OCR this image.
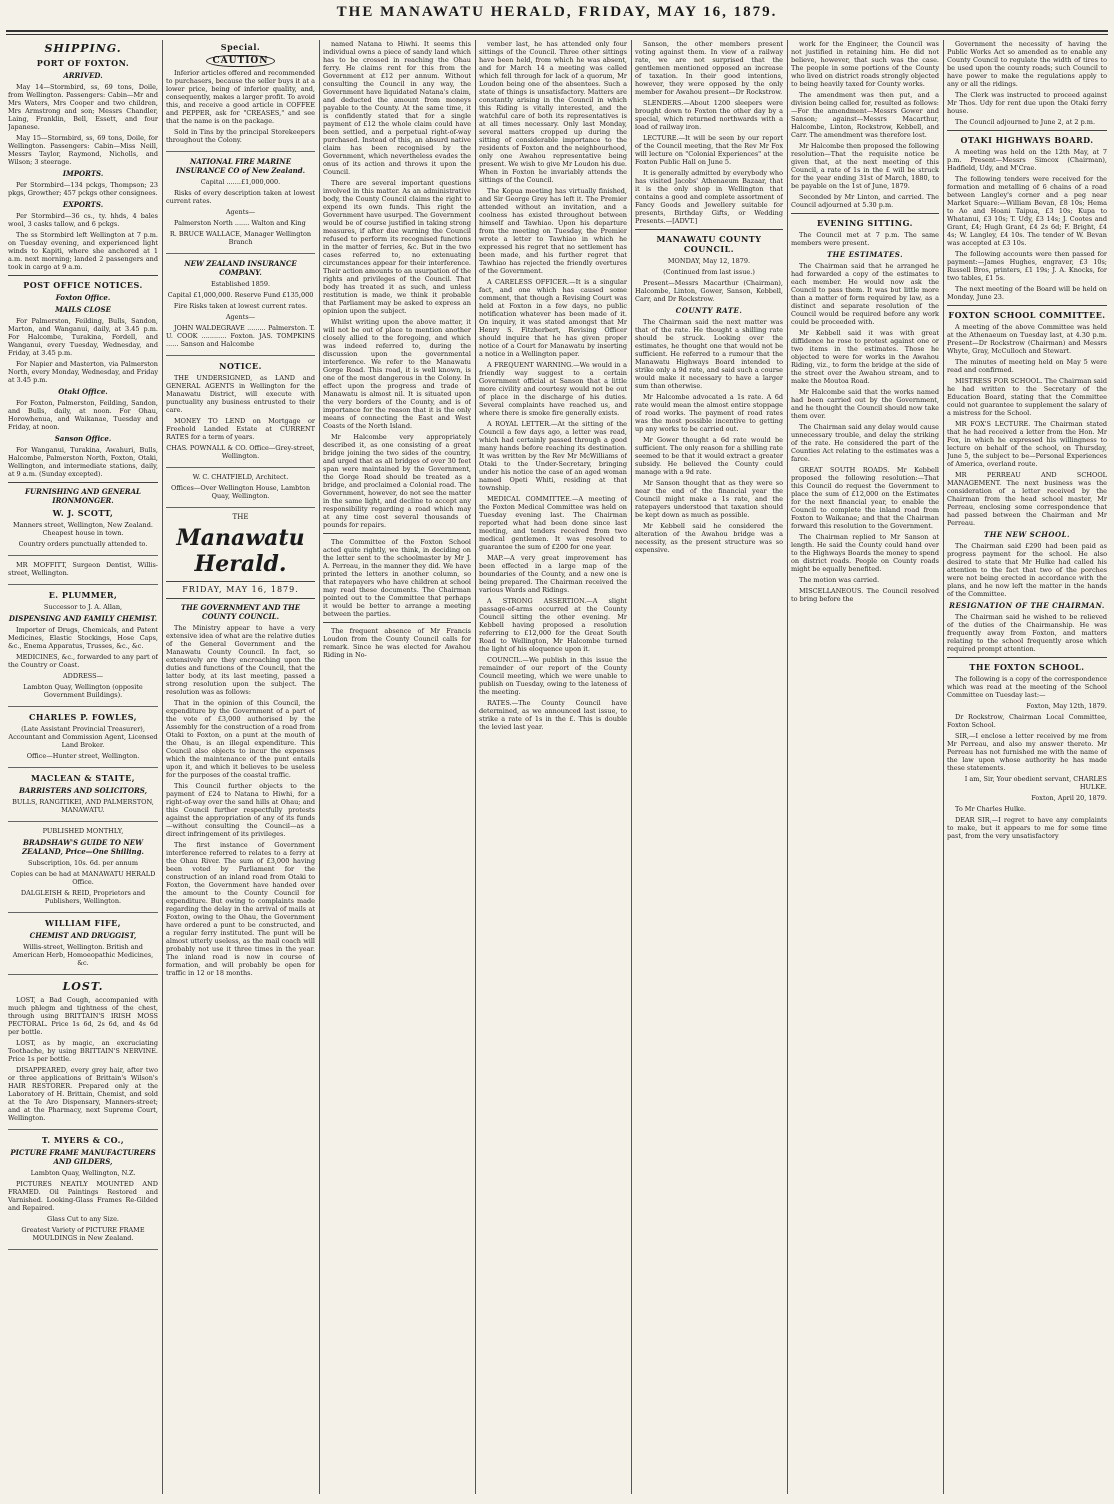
THE MANAWATU HERALD, FRIDAY, MAY 16, 1879.
SHIPPING.
PORT OF FOXTON.
ARRIVED.

May 14—Stormbird, ss, 69 tons, Doile, from Wellington. Passengers: Cabin—Mr and Mrs Waters, Mrs Cooper and two children, Mrs Armstrong and son; Messrs Chandler, Laing, Franklin, Bell, Essett, and four Japanese.

May 15—Stormbird, ss, 69 tons, Doile, for Wellington. Passengers: Cabin—Miss Neill, Messrs Taylor, Raymond, Nicholls, and Wilson; 3 steerage.

IMPORTS.

Per Stormbird—134 pckgs, Thompson; 23 pkgs, Growther; 457 pckgs other consignees.

EXPORTS.

Per Stormbird—36 cs., ty. hhds, 4 bales wool, 3 casks tallow, and 6 pckgs.

The ss Stormbird left Wellington at 7 p.m. on Tuesday evening, and experienced light winds to Kapiti, where she anchored at 1 a.m. next morning; landed 2 passengers and took in cargo at 9 a.m.

POST OFFICE NOTICES.
Foxton Office.
MAILS CLOSE

For Palmerston, Feilding, Bulls, Sandon, Marton, and Wanganui, daily, at 3.45 p.m. For Halcombe, Turakina, Fordell, and Wanganui, every Tuesday, Wednesday, and Friday, at 3.45 p.m.

For Napier and Masterton, via Palmerston North, every Monday, Wednesday, and Friday at 3.45 p.m.

Otaki Office.

For Foxton, Palmerston, Feilding, Sandon, and Bulls, daily, at noon. For Ohau, Horowhenua, and Waikanae, Tuesday and Friday, at noon.

Sanson Office.

For Wanganui, Turakina, Awahuri, Bulls, Halcombe, Palmerston North, Foxton, Otaki, Wellington, and intermediate stations, daily, at 9 a.m. (Sunday excepted).

FURNISHING AND GENERAL IRONMONGER.
W. J. SCOTT,

Manners street, Wellington, New Zealand. Cheapest house in town.

Country orders punctually attended to.

MR MOFFITT, Surgeon Dentist, Willis-street, Wellington.

E. PLUMMER,

Successor to J. A. Allan,

DISPENSING AND FAMILY CHEMIST.

Importer of Drugs, Chemicals, and Patent Medicines, Elastic Stockings, Hose Caps, &c., Enema Apparatus, Trusses, &c., &c.

MEDICINES, &c., forwarded to any part of the Country or Coast.

ADDRESS—

Lambton Quay, Wellington (opposite Government Buildings).

CHARLES P. FOWLES,

(Late Assistant Provincial Treasurer), Accountant and Commission Agent, Licensed Land Broker.

Office—Hunter street, Wellington.

MACLEAN & STAITE,
BARRISTERS AND SOLICITORS,

BULLS, RANGITIKEI, AND PALMERSTON, MANAWATU.

PUBLISHED MONTHLY,

BRADSHAW'S GUIDE TO NEW ZEALAND, Price—One Shilling.

Subscription, 10s. 6d. per annum

Copies can be had at MANAWATU HERALD Office.

DALGLEISH & REID, Proprietors and Publishers, Wellington.

WILLIAM FIFE,
CHEMIST AND DRUGGIST,

Willis-street, Wellington. British and American Herb, Homoeopathic Medicines, &c.

LOST.

LOST, a Bad Cough, accompanied with much phlegm and tightness of the chest, through using BRITTAIN'S IRISH MOSS PECTORAL. Price 1s 6d, 2s 6d, and 4s 6d per bottle.

LOST, as by magic, an excruciating Toothache, by using BRITTAIN'S NERVINE. Price 1s per bottle.

DISAPPEARED, every grey hair, after two or three applications of Brittain's Wilson's HAIR RESTORER. Prepared only at the Laboratory of H. Brittain, Chemist, and sold at the Te Aro Dispensary, Manners-street; and at the Pharmacy, next Supreme Court, Wellington.

T. MYERS & CO.,
PICTURE FRAME MANUFACTURERS AND GILDERS,

Lambton Quay, Wellington, N.Z.

PICTURES NEATLY MOUNTED AND FRAMED. Oil Paintings Restored and Varnished. Looking-Glass Frames Re-Gilded and Repaired.

Glass Cut to any Size.

Greatest Variety of PICTURE FRAME MOULDINGS in New Zealand.

Special.
CAUTION

Inferior articles offered and recommended to purchasers, because the seller buys it at a lower price, being of inferior quality, and, consequently, makes a larger profit. To avoid this, and receive a good article in COFFEE and PEPPER, ask for "CREASES," and see that the name is on the package.

Sold in Tins by the principal Storekeepers throughout the Colony.

NATIONAL FIRE MARINE INSURANCE CO of New Zealand.

Capital .......£1,000,000.

Risks of every description taken at lowest current rates.

Agents—

Palmerston North ....... Walton and King

R. BRUCE WALLACE, Manager Wellington Branch

NEW ZEALAND INSURANCE COMPANY.

Established 1859.

Capital £1,000,000. Reserve Fund £135,000

Fire Risks taken at lowest current rates.

Agents—

JOHN WALDEGRAVE ......... Palmerston. T. U. COOK ............ Foxton. JAS. TOMPKINS ...... Sanson and Halcombe

NOTICE.

THE UNDERSIGNED, as LAND and GENERAL AGENTS in Wellington for the Manawatu District, will execute with punctuality any business entrusted to their care.

MONEY TO LEND on Mortgage or Freehold Landed Estate at CURRENT RATES for a term of years.

CHAS. POWNALL & CO. Office—Grey-street, Wellington.

W. C. CHATFIELD, Architect.

Offices—Over Wellington House, Lambton Quay, Wellington.

THE
Manawatu Herald.
FRIDAY, MAY 16, 1879.
THE GOVERNMENT AND THE COUNTY COUNCIL.

The Ministry appear to have a very extensive idea of what are the relative duties of the General Government and the Manawatu County Council. In fact, so extensively are they encroaching upon the duties and functions of the Council, that the latter body, at its last meeting, passed a strong resolution upon the subject. The resolution was as follows:

That in the opinion of this Council, the expenditure by the Government of a part of the vote of £3,000 authorised by the Assembly for the construction of a road from Otaki to Foxton, on a punt at the mouth of the Ohau, is an illegal expenditure. This Council also objects to incur the expenses which the maintenance of the punt entails upon it, and which it believes to be useless for the purposes of the coastal traffic.

This Council further objects to the payment of £24 to Natana to Hiwhi, for a right-of-way over the sand hills at Ohau; and this Council further respectfully protests against the appropriation of any of its funds—without consulting the Council—as a direct infringement of its privileges.

The first instance of Government interference referred to relates to a ferry at the Ohau River. The sum of £3,000 having been voted by Parliament for the construction of an inland road from Otaki to Foxton, the Government have handed over the amount to the County Council for expenditure. But owing to complaints made regarding the delay in the arrival of mails at Foxton, owing to the Ohau, the Government have ordered a punt to be constructed, and a regular ferry instituted. The punt will be almost utterly useless, as the mail coach will probably not use it three times in the year. The inland road is now in course of formation, and will probably be open for traffic in 12 or 18 months.

named Natana to Hiwhi. It seems this individual owns a piece of sandy land which has to be crossed in reaching the Ohau ferry. He claims rent for this from the Government at £12 per annum. Without consulting the Council in any way, the Government have liquidated Natana's claim, and deducted the amount from moneys payable to the County. At the same time, it is confidently stated that for a single payment of £12 the whole claim could have been settled, and a perpetual right-of-way purchased. Instead of this, an absurd native claim has been recognised by the Government, which nevertheless evades the onus of its action and throws it upon the Council.

There are several important questions involved in this matter. As an administrative body, the County Council claims the right to expend its own funds. This right the Government have usurped. The Government would be of course justified in taking strong measures, if after due warning the Council refused to perform its recognised functions in the matter of ferries, &c. But in the two cases referred to, no extenuating circumstances appear for their interference. Their action amounts to an usurpation of the rights and privileges of the Council. That body has treated it as such, and unless restitution is made, we think it probable that Parliament may be asked to express an opinion upon the subject.

Whilst writing upon the above matter, it will not be out of place to mention another closely allied to the foregoing, and which was indeed referred to, during the discussion upon the governmental interference. We refer to the Manawatu Gorge Road. This road, it is well known, is one of the most dangerous in the Colony. In effect upon the progress and trade of Manawatu is almost nil. It is situated upon the very borders of the County, and is of importance for the reason that it is the only means of connecting the East and West Coasts of the North Island.

Mr Halcombe very appropriately described it, as one consisting of a great bridge joining the two sides of the country, and urged that as all bridges of over 30 feet span were maintained by the Government, the Gorge Road should be treated as a bridge, and proclaimed a Colonial road. The Government, however, do not see the matter in the same light, and decline to accept any responsibility regarding a road which may at any time cost several thousands of pounds for repairs.

The Committee of the Foxton School acted quite rightly, we think, in deciding on the letter sent to the schoolmaster by Mr J. A. Perreau, in the manner they did. We have printed the letters in another column, so that ratepayers who have children at school may read these documents. The Chairman pointed out to the Committee that perhaps it would be better to arrange a meeting between the parties.

The frequent absence of Mr Francis Loudon from the County Council calls for remark. Since he was elected for Awahou Riding in No-

vember last, he has attended only four sittings of the Council. Three other sittings have been held, from which he was absent, and for March 14 a meeting was called which fell through for lack of a quorum, Mr Loudon being one of the absentees. Such a state of things is unsatisfactory. Matters are constantly arising in the Council in which this Riding is vitally interested, and the watchful care of both its representatives is at all times necessary. Only last Monday, several matters cropped up during the sitting of considerable importance to the residents of Foxton and the neighbourhood, only one Awahou representative being present. We wish to give Mr Loudon his due. When in Foxton he invariably attends the sittings of the Council.

The Kopua meeting has virtually finished, and Sir George Grey has left it. The Premier attended without an invitation, and a coolness has existed throughout between himself and Tawhiao. Upon his departure from the meeting on Tuesday, the Premier wrote a letter to Tawhiao in which he expressed his regret that no settlement has been made, and his further regret that Tawhiao has rejected the friendly overtures of the Government.

A CARELESS OFFICER.—It is a singular fact, and one which has caused some comment, that though a Revising Court was held at Foxton in a few days, no public notification whatever has been made of it. On inquiry, it was stated amongst that Mr Henry S. Fitzherbert, Revising Officer should inquire that he has given proper notice of a Court for Manawatu by inserting a notice in a Wellington paper.

A FREQUENT WARNING.—We would in a friendly way suggest to a certain Government official at Sanson that a little more civility and courtesy would not be out of place in the discharge of his duties. Several complaints have reached us, and where there is smoke fire generally exists.

A ROYAL LETTER.—At the sitting of the Council a few days ago, a letter was read, which had certainly passed through a good many hands before reaching its destination. It was written by the Rev Mr McWilliams of Otaki to the Under-Secretary, bringing under his notice the case of an aged woman named Opeti Whiti, residing at that township.

MEDICAL COMMITTEE.—A meeting of the Foxton Medical Committee was held on Tuesday evening last. The Chairman reported what had been done since last meeting, and tenders received from two medical gentlemen. It was resolved to guarantee the sum of £200 for one year.

MAP.—A very great improvement has been effected in a large map of the boundaries of the County, and a new one is being prepared. The Chairman received the various Wards and Ridings.

A STRONG ASSERTION.—A slight passage-of-arms occurred at the County Council sitting the other evening. Mr Kebbell having proposed a resolution referring to £12,000 for the Great South Road to Wellington, Mr Halcombe turned the light of his eloquence upon it.

COUNCIL.—We publish in this issue the remainder of our report of the County Council meeting, which we were unable to publish on Tuesday, owing to the lateness of the meeting.

RATES.—The County Council have determined, as we announced last issue, to strike a rate of 1s in the £. This is double the levied last year.

Sanson, the other members present voting against them. In view of a railway rate, we are not surprised that the gentlemen mentioned opposed an increase of taxation. In their good intentions, however, they were opposed by the only member for Awahou present—Dr Rockstrow.

SLENDERS.—About 1200 sleepers were brought down to Foxton the other day by a special, which returned northwards with a load of railway iron.

LECTURE.—It will be seen by our report of the Council meeting, that the Rev Mr Fox will lecture on "Colonial Experiences" at the Foxton Public Hall on June 5.

It is generally admitted by everybody who has visited Jacobs' Athenaeum Bazaar, that it is the only shop in Wellington that contains a good and complete assortment of Fancy Goods and Jewellery suitable for presents, Birthday Gifts, or Wedding Presents.—[ADVT.]

MANAWATU COUNTY COUNCIL.

MONDAY, May 12, 1879.

(Continued from last issue.)

Present—Messrs Macarthur (Chairman), Halcombe, Linton, Gower, Sanson, Kebbell, Carr, and Dr Rockstrow.

COUNTY RATE.

The Chairman said the next matter was that of the rate. He thought a shilling rate should be struck. Looking over the estimates, he thought one that would not be sufficient. He referred to a rumour that the Manawatu Highways Board intended to strike only a 9d rate, and said such a course would make it necessary to have a larger sum than otherwise.

Mr Halcombe advocated a 1s rate. A 6d rate would mean the almost entire stoppage of road works. The payment of road rates was the most possible incentive to getting up any works to be carried out.

Mr Gower thought a 6d rate would be sufficient. The only reason for a shilling rate seemed to be that it would extract a greater subsidy. He believed the County could manage with a 9d rate.

Mr Sanson thought that as they were so near the end of the financial year the Council might make a 1s rate, and the ratepayers understood that taxation should be kept down as much as possible.

Mr Kebbell said he considered the alteration of the Awahou bridge was a necessity, as the present structure was so expensive.

work for the Engineer, the Council was not justified in retaining him. He did not believe, however, that such was the case. The people in some portions of the County who lived on district roads strongly objected to being heavily taxed for County works.

The amendment was then put, and a division being called for, resulted as follows:—For the amendment—Messrs Gower and Sanson; against—Messrs Macarthur, Halcombe, Linton, Rockstrow, Kebbell, and Carr. The amendment was therefore lost.

Mr Halcombe then proposed the following resolution—That the requisite notice be given that, at the next meeting of this Council, a rate of 1s in the £ will be struck for the year ending 31st of March, 1880, to be payable on the 1st of June, 1879.

Seconded by Mr Linton, and carried. The Council adjourned at 5.30 p.m.

EVENING SITTING.

The Council met at 7 p.m. The same members were present.

THE ESTIMATES.

The Chairman said that he arranged he had forwarded a copy of the estimates to each member. He would now ask the Council to pass them. It was but little more than a matter of form required by law, as a distinct and separate resolution of the Council would be required before any work could be proceeded with.

Mr Kebbell said it was with great diffidence he rose to protest against one or two items in the estimates. Those he objected to were for works in the Awahou Riding, viz., to form the bridge at the side of the street over the Awahou stream, and to make the Moutoa Road.

Mr Halcombe said that the works named had been carried out by the Government, and he thought the Council should now take them over.

The Chairman said any delay would cause unnecessary trouble, and delay the striking of the rate. He considered the part of the Counties Act relating to the estimates was a farce.

GREAT SOUTH ROADS. Mr Kebbell proposed the following resolution:—That this Council do request the Government to place the sum of £12,000 on the Estimates for the next financial year, to enable the Council to complete the inland road from Foxton to Waikanae; and that the Chairman forward this resolution to the Government.

The Chairman replied to Mr Sanson at length. He said the County could hand over to the Highways Boards the money to spend on district roads. People on County roads might be equally benefited.

The motion was carried.

MISCELLANEOUS. The Council resolved to bring before the

Government the necessity of having the Public Works Act so amended as to enable any County Council to regulate the width of tires to be used upon the county roads; such Council to have power to make the regulations apply to any or all the ridings.

The Clerk was instructed to proceed against Mr Thos. Udy for rent due upon the Otaki ferry house.

The Council adjourned to June 2, at 2 p.m.

OTAKI HIGHWAYS BOARD.

A meeting was held on the 12th May, at 7 p.m. Present—Messrs Simcox (Chairman), Hadfield, Udy, and M'Crae.

The following tenders were received for the formation and metalling of 6 chains of a road between Langley's corner and a peg near Market Square:—William Bevan, £8 10s; Hema to Ao and Hoani Taipua, £3 10s; Kupa to Whatanui, £3 10s; T. Udy, £3 14s; J. Cootes and Grant, £4; Hugh Grant, £4 2s 6d; F. Bright, £4 4s; W. Langley, £4 10s. The tender of W. Bevan was accepted at £3 10s.

The following accounts were then passed for payment:—James Hughes, engraver, £3 10s; Russell Bros, printers, £1 19s; J. A. Knocks, for two tables, £1 5s.

The next meeting of the Board will be held on Monday, June 23.

FOXTON SCHOOL COMMITTEE.

A meeting of the above Committee was held at the Athenaeum on Tuesday last, at 4.30 p.m. Present—Dr Rockstrow (Chairman) and Messrs Whyte, Gray, McCulloch and Stewart.

The minutes of meeting held on May 5 were read and confirmed.

MISTRESS FOR SCHOOL. The Chairman said he had written to the Secretary of the Education Board, stating that the Committee could not guarantee to supplement the salary of a mistress for the School.

MR FOX'S LECTURE. The Chairman stated that he had received a letter from the Hon. Mr Fox, in which he expressed his willingness to lecture on behalf of the school, on Thursday, June 5, the subject to be—Personal Experiences of America, overland route.

MR PERREAU AND SCHOOL MANAGEMENT. The next business was the consideration of a letter received by the Chairman from the head school master, Mr Perreau, enclosing some correspondence that had passed between the Chairman and Mr Perreau.

THE NEW SCHOOL.

The Chairman said £290 had been paid as progress payment for the school. He also desired to state that Mr Hulke had called his attention to the fact that two of the porches were not being erected in accordance with the plans, and he now left the matter in the hands of the Committee.

RESIGNATION OF THE CHAIRMAN.

The Chairman said he wished to be relieved of the duties of the Chairmanship. He was frequently away from Foxton, and matters relating to the school frequently arose which required prompt attention.

THE FOXTON SCHOOL.

The following is a copy of the correspondence which was read at the meeting of the School Committee on Tuesday last:—

Foxton, May 12th, 1879.

Dr Rockstrow, Chairman Local Committee, Foxton School.

SIR,—I enclose a letter received by me from Mr Perreau, and also my answer thereto. Mr Perreau has not furnished me with the name of the law upon whose authority he has made these statements.

I am, Sir, Your obedient servant, CHARLES HULKE.

Foxton, April 20, 1879.

To Mr Charles Hulke.

DEAR SIR,—I regret to have any complaints to make, but it appears to me for some time past, from the very unsatisfactory
